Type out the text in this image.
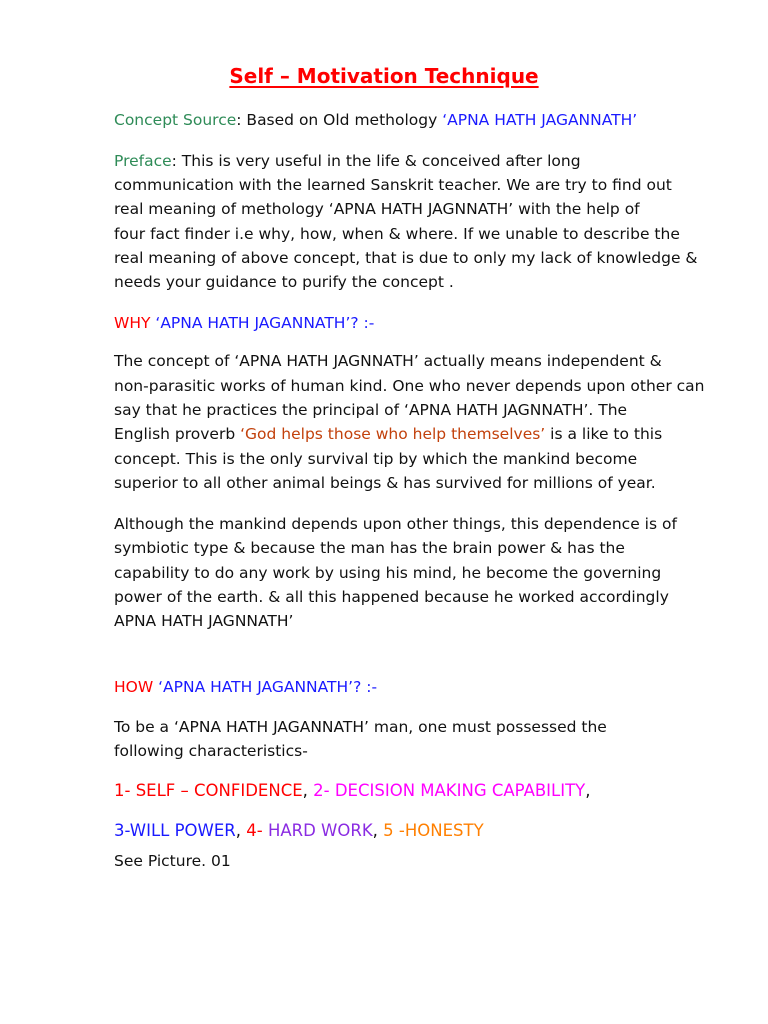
Self – Motivation Technique
Concept Source: Based on Old methology ‘APNA HATH JAGANNATH’
Preface: This is very useful in the life & conceived after long
communication with the learned Sanskrit teacher. We are try to find out
real meaning of methology ‘APNA HATH JAGNNATH’ with the help of
four fact finder i.e why, how, when & where. If we unable to describe the
real meaning of above concept, that is due to only my lack of knowledge &
needs your guidance to purify the concept .
WHY ‘APNA HATH JAGANNATH’? :-
The concept of ‘APNA HATH JAGNNATH’ actually means independent &
non-parasitic works of human kind. One who never depends upon other can
say that he practices the principal of ‘APNA HATH JAGNNATH’. The
English proverb ‘God helps those who help themselves’ is a like to this
concept. This is the only survival tip by which the mankind become
superior to all other animal beings & has survived for millions of year.
Although the mankind depends upon other things, this dependence is of
symbiotic type & because the man has the brain power & has the
capability to do any work by using his mind, he become the governing
power of the earth. & all this happened because he worked accordingly
APNA HATH JAGNNATH’
HOW ‘APNA HATH JAGANNATH’? :-
To be a ‘APNA HATH JAGANNATH’ man, one must possessed the
following characteristics-
1- SELF – CONFIDENCE, 2- DECISION MAKING CAPABILITY,
3-WILL POWER, 4- HARD WORK, 5 -HONESTY
See Picture. 01
